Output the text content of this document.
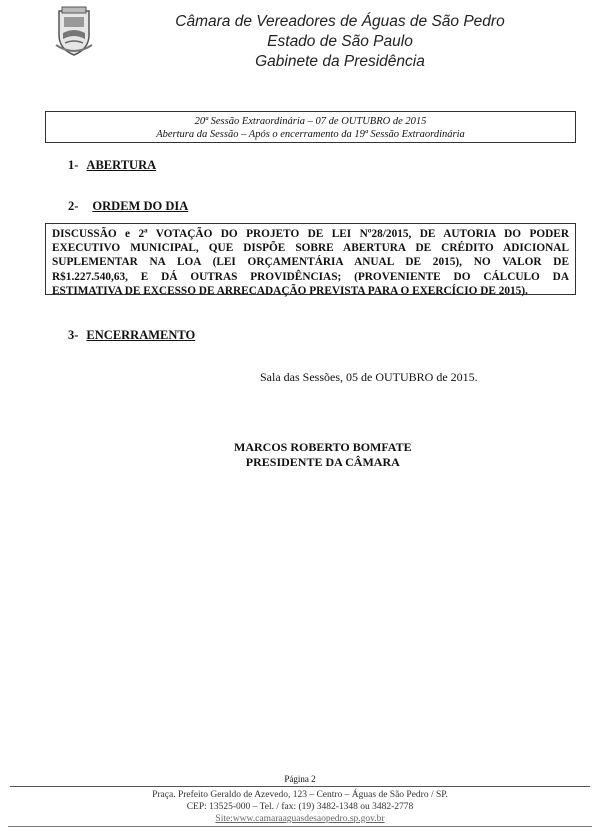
Câmara de Vereadores de Águas de São Pedro
Estado de São Paulo
Gabinete da Presidência
20ª Sessão Extraordinária – 07 de OUTUBRO de 2015
Abertura da Sessão – Após o encerramento da 19ª Sessão Extraordinária
1- ABERTURA
2- ORDEM DO DIA
DISCUSSÃO e 2ª VOTAÇÃO DO PROJETO DE LEI Nº28/2015, DE AUTORIA DO PODER
EXECUTIVO MUNICIPAL, QUE DISPÕE SOBRE ABERTURA DE CRÉDITO ADICIONAL
SUPLEMENTAR NA LOA (LEI ORÇAMENTÁRIA ANUAL DE 2015), NO VALOR DE
R$1.227.540,63, E DÁ OUTRAS PROVIDÊNCIAS; (PROVENIENTE DO CÁLCULO DA
ESTIMATIVA DE EXCESSO DE ARRECADAÇÃO PREVISTA PARA O EXERCÍCIO DE 2015).
3- ENCERRAMENTO
Sala das Sessões, 05 de OUTUBRO de 2015.
MARCOS ROBERTO BOMFATE
PRESIDENTE DA CÂMARA
Página 2
Praça. Prefeito Geraldo de Azevedo, 123 – Centro – Águas de São Pedro / SP.
CEP: 13525-000 – Tel. / fax: (19) 3482-1348 ou 3482-2778
Site:www.camaraaguasdesaopedro.sp.gov.br
